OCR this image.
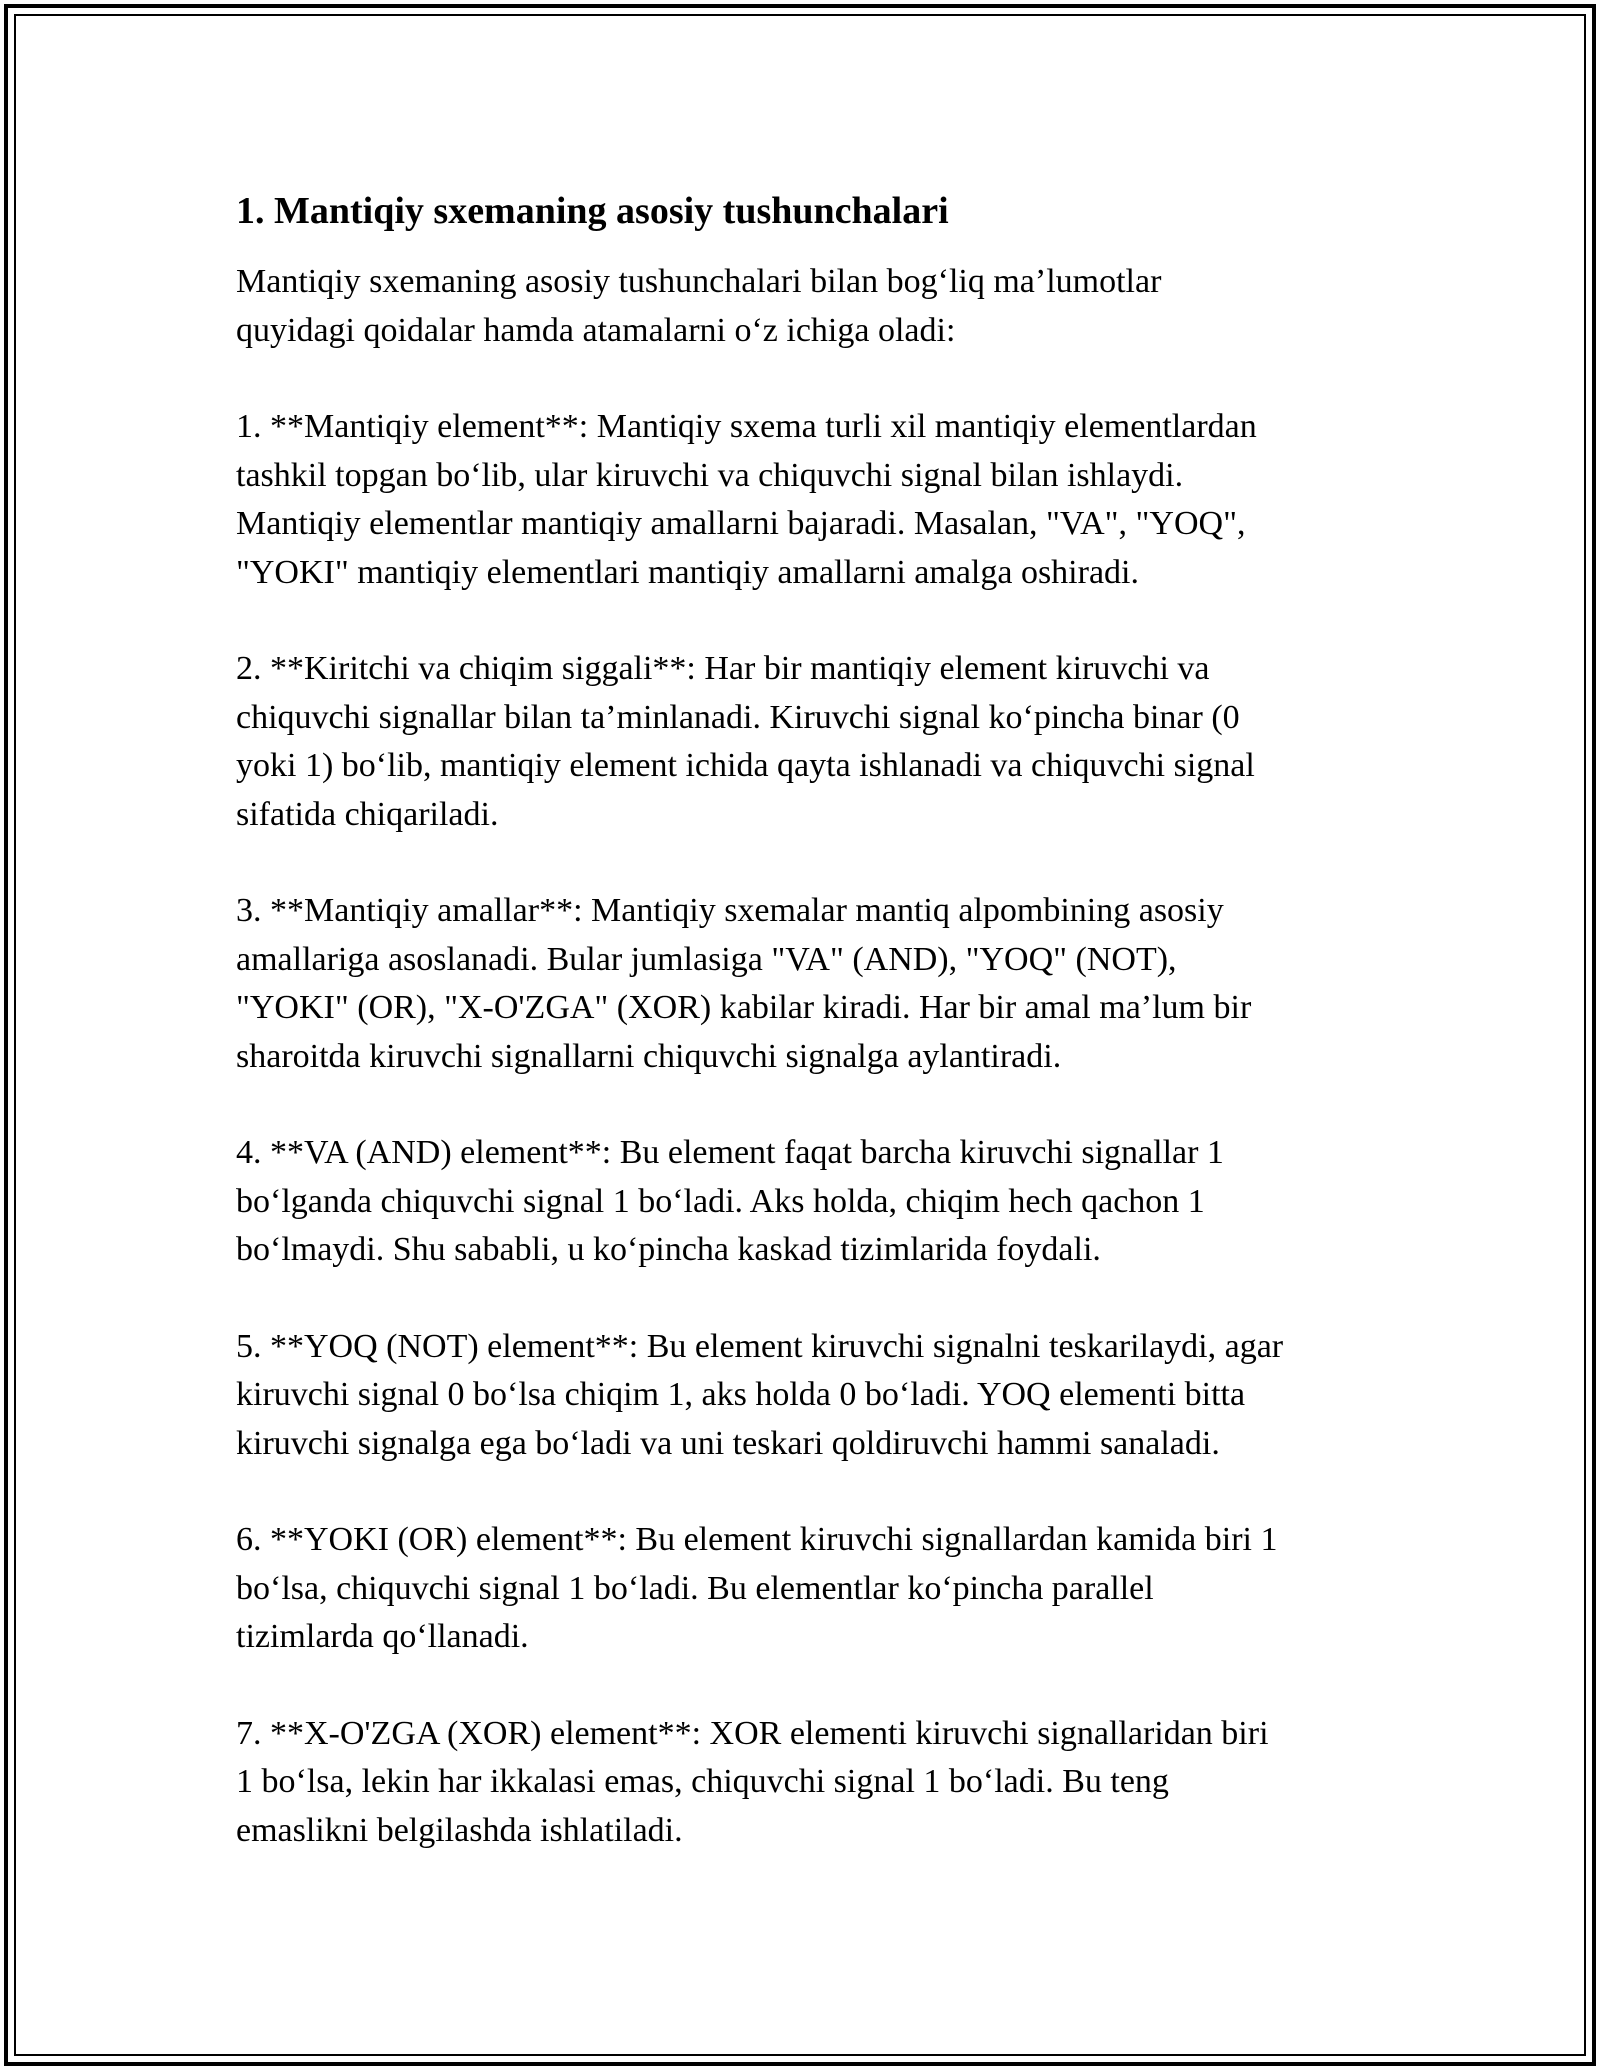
1. Mantiqiy sxemaning asosiy tushunchalari

Mantiqiy sxemaning asosiy tushunchalari bilan bog‘liq ma’lumotlar
quyidagi qoidalar hamda atamalarni o‘z ichiga oladi:

1. **Mantiqiy element**: Mantiqiy sxema turli xil mantiqiy elementlardan
tashkil topgan bo‘lib, ular kiruvchi va chiquvchi signal bilan ishlaydi.
Mantiqiy elementlar mantiqiy amallarni bajaradi. Masalan, "VA", "YOQ",
"YOKI" mantiqiy elementlari mantiqiy amallarni amalga oshiradi.

2. **Kiritchi va chiqim siggali**: Har bir mantiqiy element kiruvchi va
chiquvchi signallar bilan ta’minlanadi. Kiruvchi signal ko‘pincha binar (0
yoki 1) bo‘lib, mantiqiy element ichida qayta ishlanadi va chiquvchi signal
sifatida chiqariladi.

3. **Mantiqiy amallar**: Mantiqiy sxemalar mantiq alpombining asosiy
amallariga asoslanadi. Bular jumlasiga "VA" (AND), "YOQ" (NOT),
"YOKI" (OR), "X-O'ZGA" (XOR) kabilar kiradi. Har bir amal ma’lum bir
sharoitda kiruvchi signallarni chiquvchi signalga aylantiradi.

4. **VA (AND) element**: Bu element faqat barcha kiruvchi signallar 1
bo‘lganda chiquvchi signal 1 bo‘ladi. Aks holda, chiqim hech qachon 1
bo‘lmaydi. Shu sababli, u ko‘pincha kaskad tizimlarida foydali.

5. **YOQ (NOT) element**: Bu element kiruvchi signalni teskarilaydi, agar
kiruvchi signal 0 bo‘lsa chiqim 1, aks holda 0 bo‘ladi. YOQ elementi bitta
kiruvchi signalga ega bo‘ladi va uni teskari qoldiruvchi hammi sanaladi.

6. **YOKI (OR) element**: Bu element kiruvchi signallardan kamida biri 1
bo‘lsa, chiquvchi signal 1 bo‘ladi. Bu elementlar ko‘pincha parallel
tizimlarda qo‘llanadi.

7. **X-O'ZGA (XOR) element**: XOR elementi kiruvchi signallaridan biri
1 bo‘lsa, lekin har ikkalasi emas, chiquvchi signal 1 bo‘ladi. Bu teng
emaslikni belgilashda ishlatiladi.
